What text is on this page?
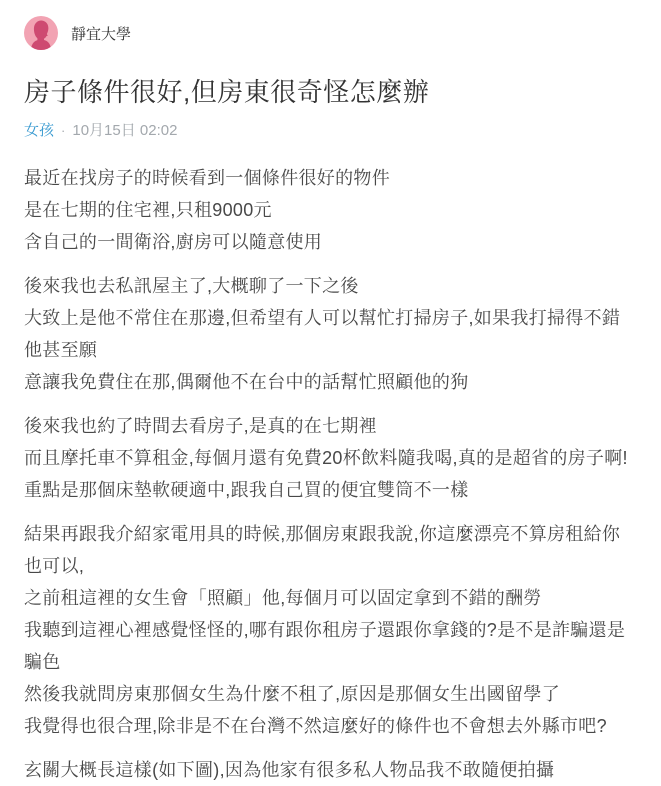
靜宜大學
房子條件很好,但房東很奇怪怎麼辦
女孩 · 10月15日 02:02

最近在找房子的時候看到一個條件很好的物件
是在七期的住宅裡,只租9000元
含自己的一間衛浴,廚房可以隨意使用

後來我也去私訊屋主了,大概聊了一下之後
大致上是他不常住在那邊,但希望有人可以幫忙打掃房子,如果我打掃得不錯他甚至願
意讓我免費住在那,偶爾他不在台中的話幫忙照顧他的狗

後來我也約了時間去看房子,是真的在七期裡
而且摩托車不算租金,每個月還有免費20杯飲料隨我喝,真的是超省的房子啊!
重點是那個床墊軟硬適中,跟我自己買的便宜雙筒不一樣

結果再跟我介紹家電用具的時候,那個房東跟我說,你這麼漂亮不算房租給你也可以,
之前租這裡的女生會「照顧」他,每個月可以固定拿到不錯的酬勞
我聽到這裡心裡感覺怪怪的,哪有跟你租房子還跟你拿錢的?是不是詐騙還是騙色
然後我就問房東那個女生為什麼不租了,原因是那個女生出國留學了
我覺得也很合理,除非是不在台灣不然這麼好的條件也不會想去外縣市吧?

玄關大概長這樣(如下圖),因為他家有很多私人物品我不敢隨便拍攝
